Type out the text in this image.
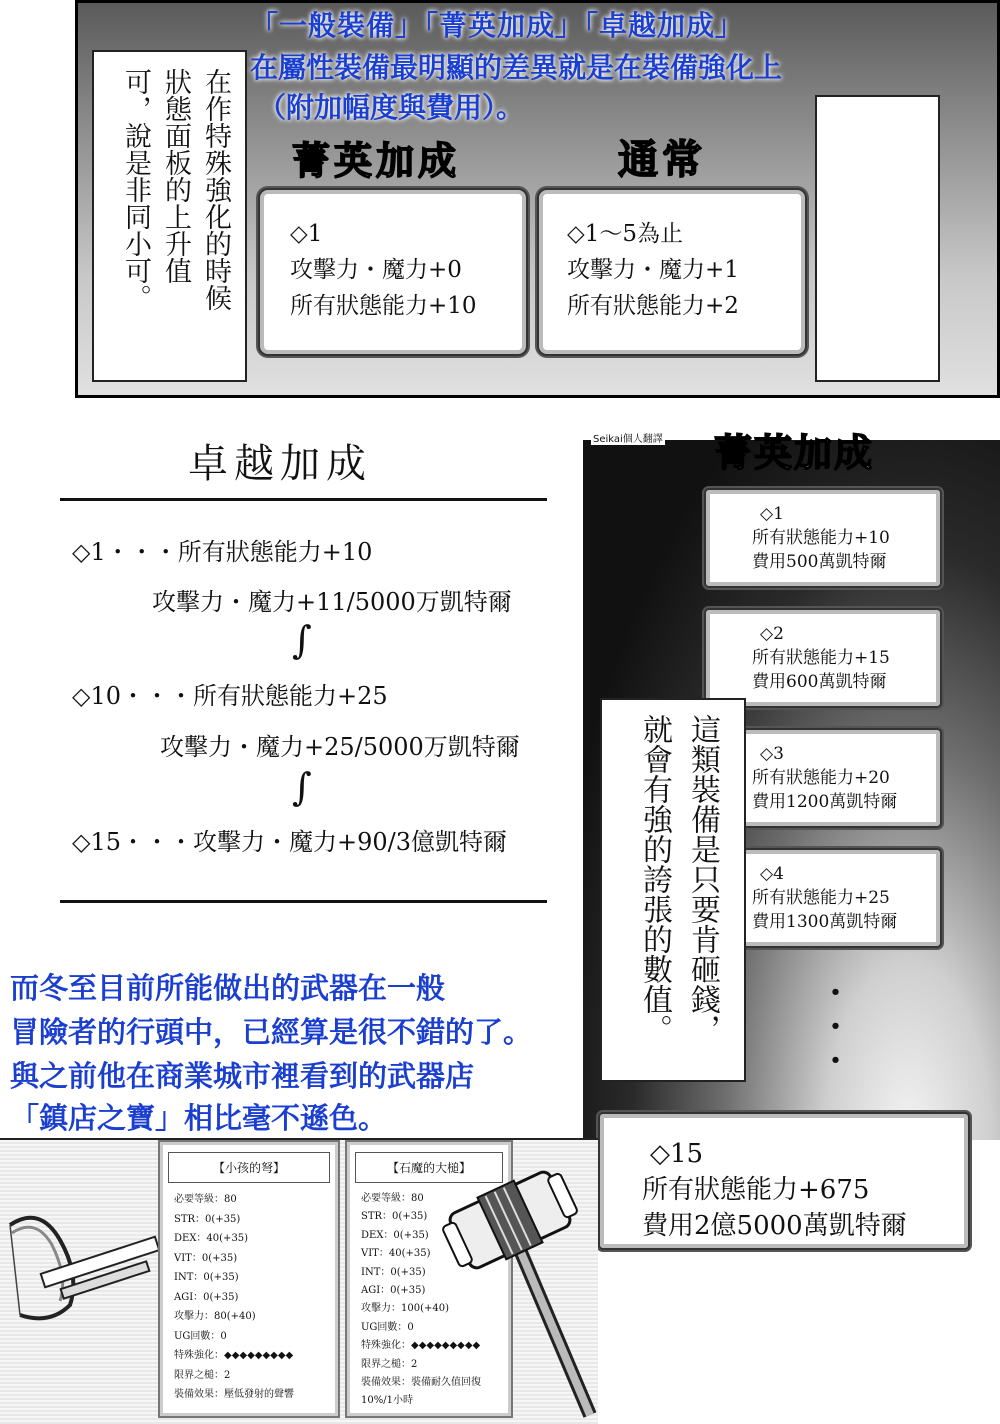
「一般裝備」「菁英加成」「卓越加成」
在屬性裝備最明顯的差異就是在裝備強化上
（附加幅度與費用）。
在作特殊強化的時候
狀態面板的上升值
可，說是非同小可。	菁英加成	通常
◇1
攻擊力・魔力+0
所有狀態能力+10
◇1～5為止
攻擊力・魔力+1
所有狀態能力+2
卓越加成
◇1・・・所有狀態能力+10
攻擊力・魔力+11/5000万凱特爾
∫
◇10・・・所有狀態能力+25
攻擊力・魔力+25/5000万凱特爾
∫
◇15・・・攻擊力・魔力+90/3億凱特爾
Seikai個人翻譯 菁英加成
◇1
所有狀態能力+10
費用500萬凱特爾
◇2
所有狀態能力+15
費用600萬凱特爾
◇3
所有狀態能力+20
費用1200萬凱特爾
◇4
所有狀態能力+25
費用1300萬凱特爾
這類裝備是只要肯砸錢，
就會有強的誇張的數值。	・・・
◇15
所有狀態能力+675
費用2億5000萬凱特爾
而冬至目前所能做出的武器在一般
冒險者的行頭中，已經算是很不錯的了。
與之前他在商業城市裡看到的武器店
「鎮店之寶」相比毫不遜色。
【小孩的弩】
必要等級：80
STR：0(+35)
DEX：40(+35)
VIT：0(+35)
INT：0(+35)
AGI：0(+35)
攻擊力：80(+40)
UG回數：0
特殊強化：◆◆◆◆◆◆◆◆◆
限界之槌：2
裝備效果：壓低發射的聲響
【石魔的大槌】
必要等級：80
STR：0(+35)
DEX：0(+35)
VIT：40(+35)
INT：0(+35)
AGI：0(+35)
攻擊力：100(+40)
UG回數：0
特殊強化：◆◆◆◆◆◆◆◆◆
限界之槌：2
裝備效果：裝備耐久值回復
10%/1小時
